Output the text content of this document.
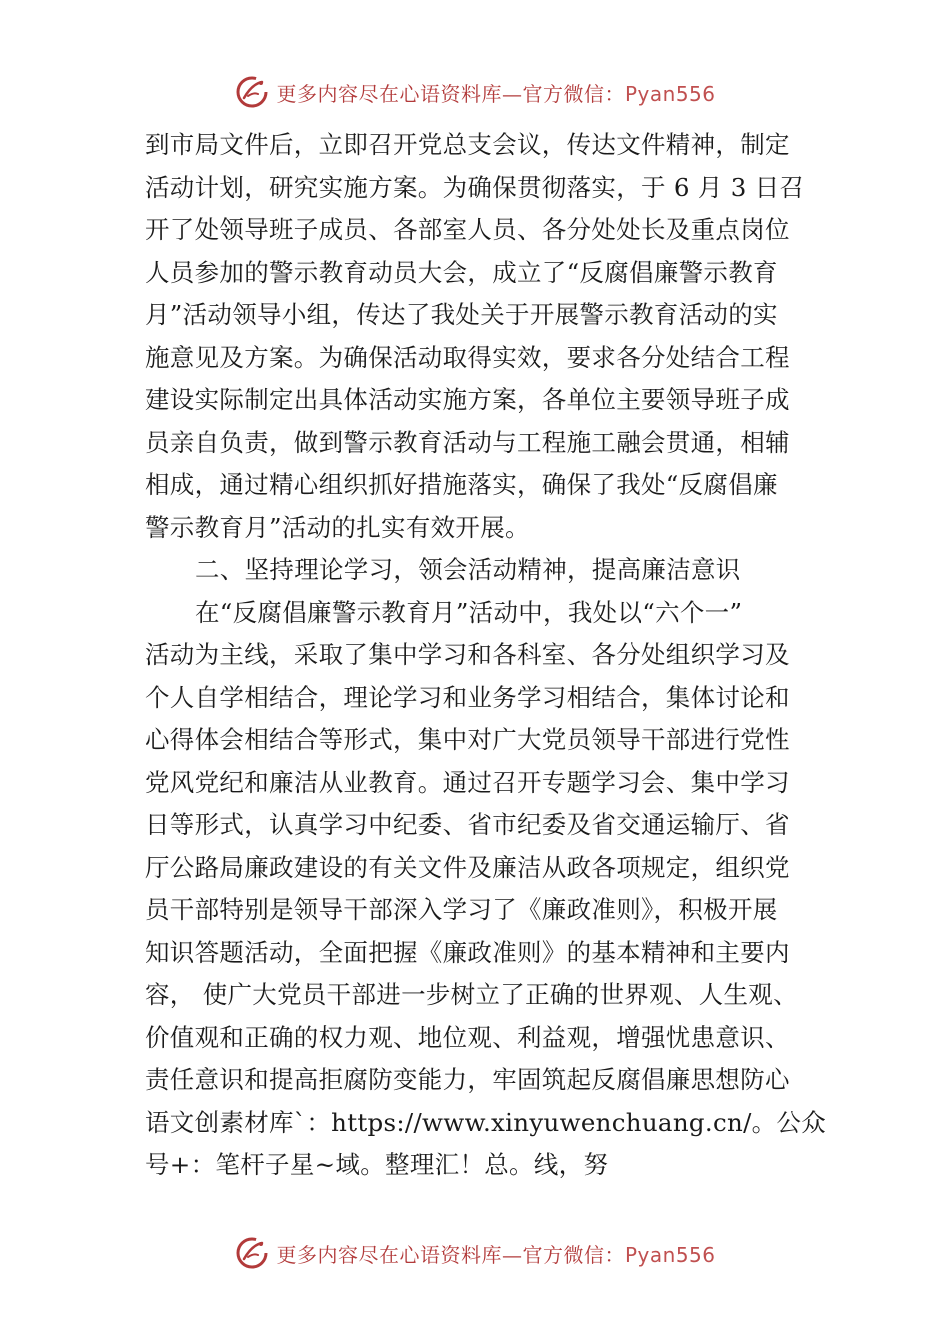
更多内容尽在心语资料库—官方微信：Pyan556
到市局文件后，立即召开党总支会议，传达文件精神，制定
活动计划，研究实施方案。为确保贯彻落实，于 6 月 3 日召
开了处领导班子成员、各部室人员、各分处处长及重点岗位
人员参加的警示教育动员大会，成立了“反腐倡廉警示教育
月”活动领导小组，传达了我处关于开展警示教育活动的实
施意见及方案。为确保活动取得实效，要求各分处结合工程
建设实际制定出具体活动实施方案，各单位主要领导班子成
员亲自负责，做到警示教育活动与工程施工融会贯通，相辅
相成，通过精心组织抓好措施落实，确保了我处“反腐倡廉
警示教育月”活动的扎实有效开展。
二、坚持理论学习，领会活动精神，提高廉洁意识
在“反腐倡廉警示教育月”活动中，我处以“六个一”
活动为主线，采取了集中学习和各科室、各分处组织学习及
个人自学相结合，理论学习和业务学习相结合，集体讨论和
心得体会相结合等形式，集中对广大党员领导干部进行党性
党风党纪和廉洁从业教育。通过召开专题学习会、集中学习
日等形式，认真学习中纪委、省市纪委及省交通运输厅、省
厅公路局廉政建设的有关文件及廉洁从政各项规定，组织党
员干部特别是领导干部深入学习了《廉政准则》，积极开展
知识答题活动，全面把握《廉政准则》的基本精神和主要内
容， 使广大党员干部进一步树立了正确的世界观、人生观、
价值观和正确的权力观、地位观、利益观，增强忧患意识、
责任意识和提高拒腐防变能力，牢固筑起反腐倡廉思想防心
语文创素材库`：https://www.xinyuwenchuang.cn/。公众
号+：笔杆子星~域。整理汇！总。线，努
更多内容尽在心语资料库—官方微信：Pyan556
